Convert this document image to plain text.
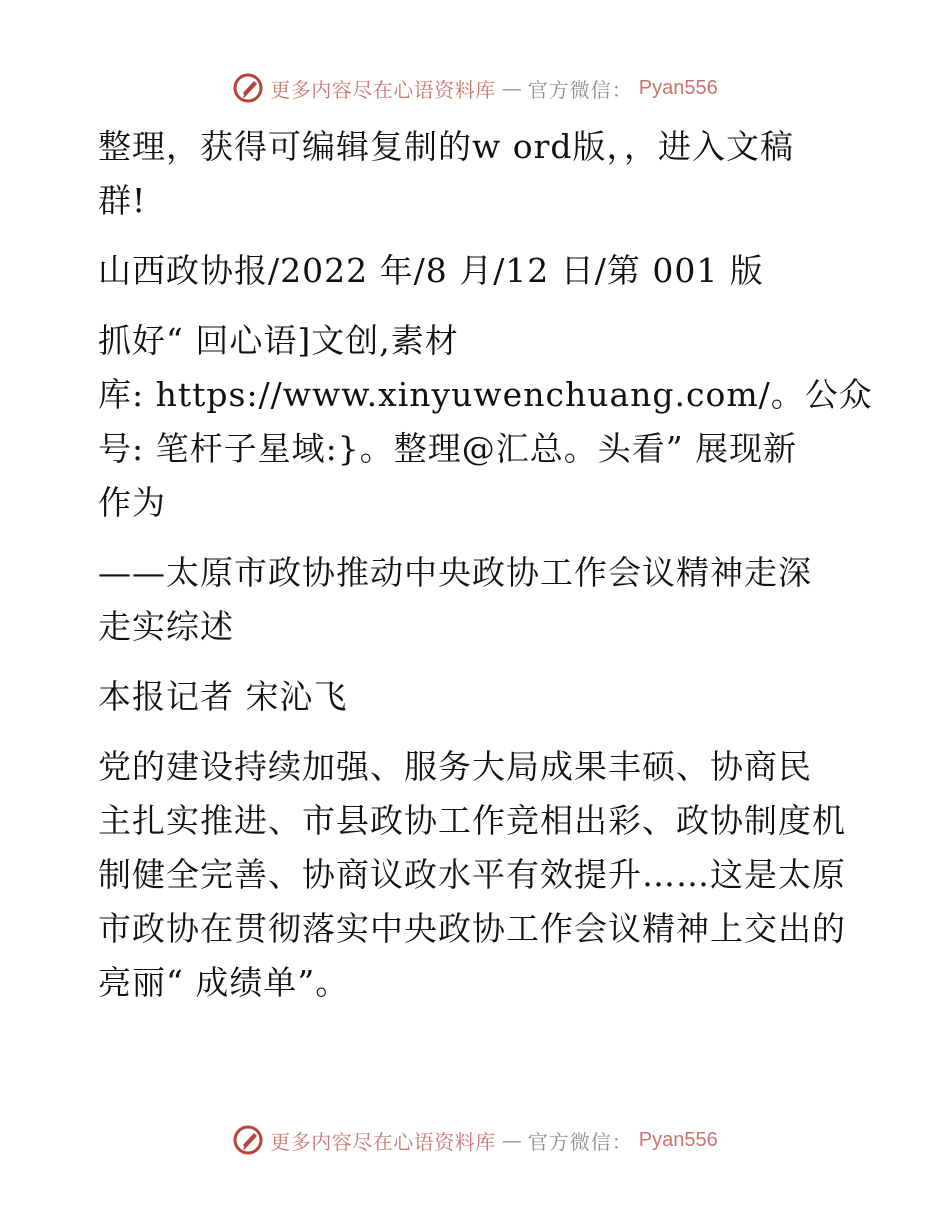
更多内容尽在心语资料库 — 官方微信： Pyan556

整理，获得可编辑复制的w ord版，，进入文稿
群!

山西政协报/2022 年/8 月/12 日/第 001 版

抓好“ 回心语]文创,素材
库: https://www.xinyuwenchuang.com/。公众
号: 笔杆子星域:}。整理@汇总。头看” 展现新
作为

——太原市政协推动中央政协工作会议精神走深
走实综述

本报记者 宋沁飞

党的建设持续加强、服务大局成果丰硕、协商民
主扎实推进、市县政协工作竞相出彩、政协制度机
制健全完善、协商议政水平有效提升……这是太原
市政协在贯彻落实中央政协工作会议精神上交出的
亮丽“ 成绩单”。

更多内容尽在心语资料库 — 官方微信： Pyan556
